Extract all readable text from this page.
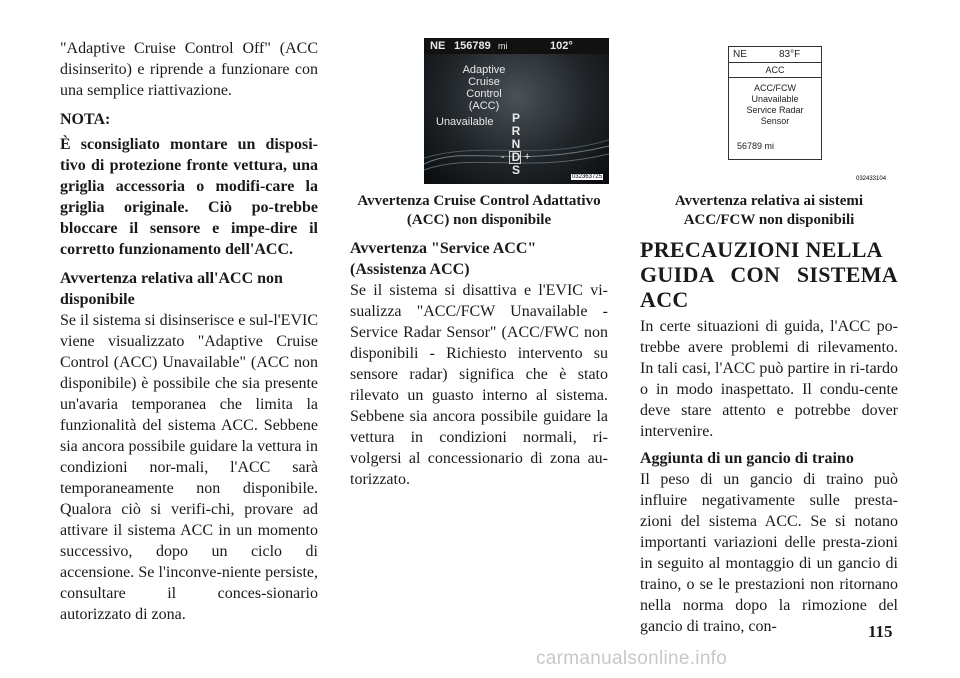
"Adaptive Cruise Control Off" (ACC disinserito) e riprende a funzionare con una semplice riattivazione.

NOTA:

È sconsigliato montare un disposi-tivo di protezione fronte vettura, una griglia accessoria o modifi-care la griglia originale. Ciò po-trebbe bloccare il sensore e impe-dire il corretto funzionamento dell'ACC.

Avvertenza relativa all'ACC non disponibile

Se il sistema si disinserisce e sul-l'EVIC viene visualizzato "Adaptive Cruise Control (ACC) Unavailable" (ACC non disponibile) è possibile che sia presente un'avaria temporanea che limita la funzionalità del sistema ACC. Sebbene sia ancora possibile guidare la vettura in condizioni nor-mali, l'ACC sarà temporaneamente non disponibile. Qualora ciò si verifi-chi, provare ad attivare il sistema ACC in un momento successivo, dopo un ciclo di accensione. Se l'inconve-niente persiste, consultare il conces-sionario autorizzato di zona.

NE 156789 mi	102°
Adaptive
Cruise
Control
(ACC)
Unavailable P
R
N
D
S
- +
032363725

Avvertenza Cruise Control Adattativo (ACC) non disponibile

Avvertenza "Service ACC"

(Assistenza ACC)

Se il sistema si disattiva e l'EVIC vi-sualizza "ACC/FCW Unavailable - Service Radar Sensor" (ACC/FWC non disponibili - Richiesto intervento su sensore radar) significa che è stato rilevato un guasto interno al sistema. Sebbene sia ancora possibile guidare la vettura in condizioni normali, ri-volgersi al concessionario di zona au-torizzato.

NE	83°F
ACC
ACC/FCW
Unavailable
Service Radar
Sensor
56789 mi
032433104

Avvertenza relativa ai sistemi ACC/FCW non disponibili

PRECAUZIONI NELLA

GUIDA CON SISTEMA ACC

In certe situazioni di guida, l'ACC po-trebbe avere problemi di rilevamento. In tali casi, l'ACC può partire in ri-tardo o in modo inaspettato. Il condu-cente deve stare attento e potrebbe dover intervenire.

Aggiunta di un gancio di traino

Il peso di un gancio di traino può influire negativamente sulle presta-zioni del sistema ACC. Se si notano importanti variazioni delle presta-zioni in seguito al montaggio di un gancio di traino, o se le prestazioni non ritornano nella norma dopo la rimozione del gancio di traino, con-	115
carmanualsonline.info
